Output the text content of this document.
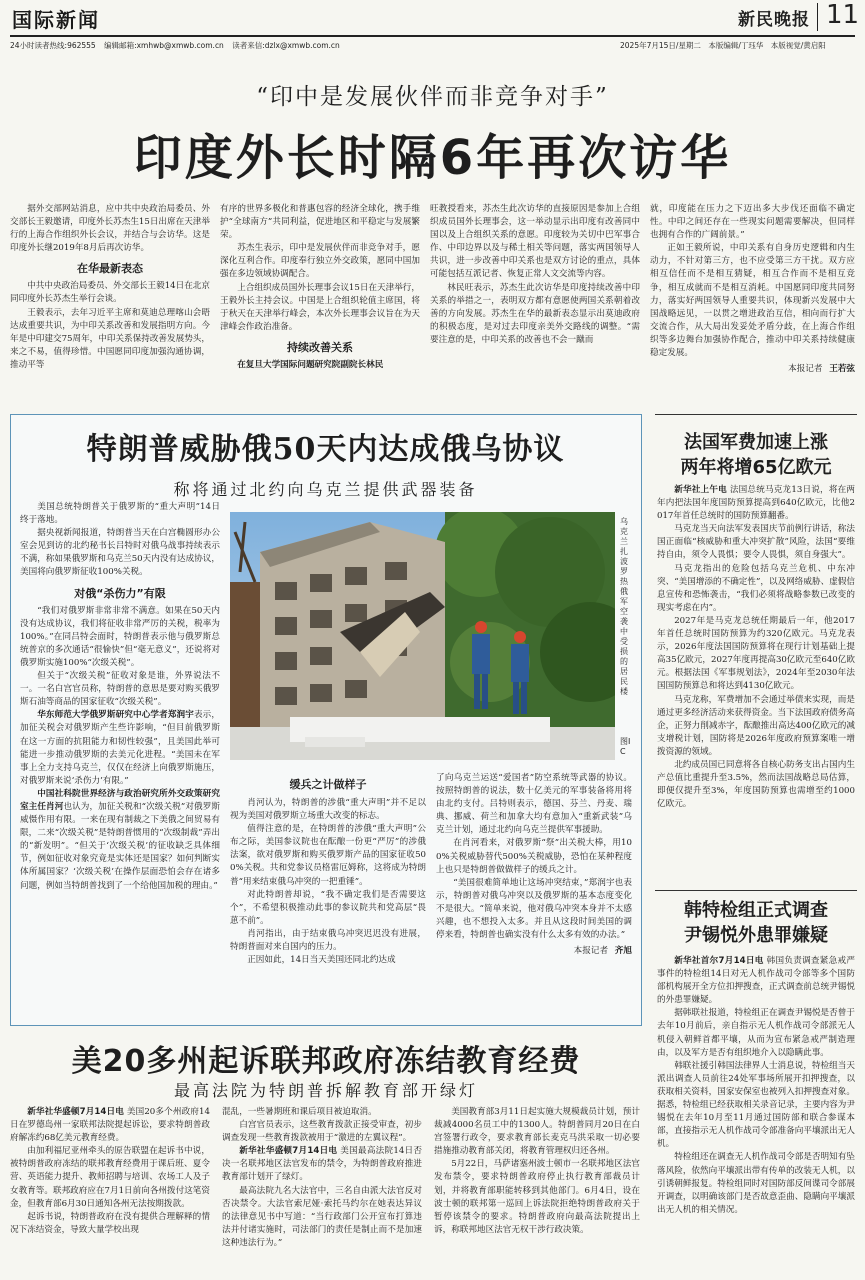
国际新闻	新民晚报 11
24小时读者热线:962555 编辑邮箱:xmhwb@xmwb.com.cn 读者来信:dzlx@xmwb.com.cn	2025年7月15日/星期二 本版编辑/丁珏华 本版视觉/黄启阳
“印中是发展伙伴而非竞争对手”
印度外长时隔6年再次访华

据外交部网站消息，应中共中央政治局委员、外交部长王毅邀请，印度外长苏杰生15日出席在天津举行的上海合作组织外长会议，并结合与会访华。这是印度外长继2019年8月后再次访华。

在华最新表态

中共中央政治局委员、外交部长王毅14日在北京同印度外长苏杰生举行会谈。

王毅表示，去年习近平主席和莫迪总理喀山会晤达成重要共识，为中印关系改善和发展指明方向。今年是中印建交75周年，中印关系保持改善发展势头，来之不易，值得珍惜。中国愿同印度加强沟通协调，推动平等

有序的世界多极化和普惠包容的经济全球化，携手维护“全球南方”共同利益，促进地区和平稳定与发展繁荣。

苏杰生表示，印中是发展伙伴而非竞争对手，愿深化互利合作。印度奉行独立外交政策，愿同中国加强在多边领域协调配合。

上合组织成员国外长理事会议15日在天津举行，王毅外长主持会议。中国是上合组织轮值主席国，将于秋天在天津举行峰会，本次外长理事会议旨在为天津峰会作政治准备。

持续改善关系

在复旦大学国际问题研究院副院长林民

旺教授看来，苏杰生此次访华的直接原因是参加上合组织成员国外长理事会，这一举动显示出印度有改善同中国以及上合组织关系的意愿。印度较为关切中巴军事合作、中印边界以及与稀土相关等问题，落实两国领导人共识，进一步改善中印关系也是双方讨论的重点，具体可能包括互派记者、恢复正常人文交流等内容。

林民旺表示，苏杰生此次访华是印度持续改善中印关系的举措之一，表明双方都有意愿使两国关系朝着改善的方向发展。苏杰生在华的最新表态显示出莫迪政府的积极态度，是对过去印度亲美外交路线的调整。“需要注意的是，中印关系的改善也不会一蹴而

就，印度能在压力之下迈出多大步伐还面临不确定性。中印之间还存在一些现实问题需要解决，但同样也拥有合作的广阔前景。”

正如王毅所说，中印关系有自身历史逻辑和内生动力，不针对第三方，也不应受第三方干扰。双方应相互信任而不是相互猜疑，相互合作而不是相互竞争，相互成就而不是相互消耗。中国愿同印度共同努力，落实好两国领导人重要共识，体现新兴发展中大国战略远见，一以贯之增进政治互信，相向而行扩大交流合作，从大局出发妥处矛盾分歧，在上海合作组织等多边舞台加强协作配合，推动中印关系持续健康稳定发展。

本报记者 王若弦
特朗普威胁俄50天内达成俄乌协议
称将通过北约向乌克兰提供武器装备

美国总统特朗普关于俄罗斯的“重大声明”14日终于落地。

据央视新闻报道，特朗普当天在白宫椭圆形办公室会见到访的北约秘书长吕特时对俄乌战事持续表示不满，称如果俄罗斯和乌克兰50天内没有达成协议，美国将向俄罗斯征收100%关税。

对俄“杀伤力”有限

“我们对俄罗斯非常非常不满意。如果在50天内没有达成协议，我们将征收非常严厉的关税，税率为100%。”在同吕特会面时，特朗普表示他与俄罗斯总统普京的多次通话“很愉快”但“毫无意义”，还说将对俄罗斯实施100%“次级关税”。

但关于“次级关税”征收对象是谁，外界说法不一。一名白宫官员称，特朗普的意思是要对购买俄罗斯石油等商品的国家征收“次级关税”。

华东师范大学俄罗斯研究中心学者郑润宇表示，加征关税会对俄罗斯产生些许影响，“但目前俄罗斯在这一方面的抗阻能力和韧性较强”，且美国此举可能进一步推动俄罗斯的去美元化进程。“美国未在军事上全力支持乌克兰，仅仅在经济上向俄罗斯施压，对俄罗斯来说‘杀伤力’有限。”

中国社科院世界经济与政治研究所外交政策研究室主任肖河也认为，加征关税和“次级关税”对俄罗斯威慑作用有限。一来在现有制裁之下美俄之间贸易有限，二来“次级关税”是特朗普惯用的“次级制裁”弄出的“新发明”。“但关于‘次级关税’的征收缺乏具体细节，例如征收对象究竟是实体还是国家？如何判断实体所属国家？‘次级关税’在操作层面恐怕会存在诸多问题，例如当特朗普找到了一个给他国加税的理由。”

乌克兰 扎波罗热 俄军空袭中受损的居民楼
图IC
缓兵之计做样子

肖河认为，特朗普的涉俄“重大声明”并不足以视为美国对俄罗斯立场重大改变的标志。

值得注意的是，在特朗普的涉俄“重大声明”公布之际，美国参议院也在酝酿一份更“严厉”的涉俄法案，欲对俄罗斯和购买俄罗斯产品的国家征收500%关税。共和党参议员格雷厄姆称，这将成为特朗普“用来结束俄乌冲突的一把重锤”。

对此特朗普却说，“我不确定我们是否需要这个”，不希望积极推动此事的参议院共和党高层“畏葸不前”。

肖河指出，由于结束俄乌冲突迟迟没有进展，特朗普面对来自国内的压力。

正因如此，14日当天美国还同北约达成

了向乌克兰运送“爱国者”防空系统等武器的协议。按照特朗普的说法，数十亿美元的军事装备将用将由北约支付。吕特则表示，德国、芬兰、丹麦、瑞典、挪威、荷兰和加拿大均有意加入“重新武装”乌克兰计划，通过北约向乌克兰提供军事援助。

在肖河看来，对俄罗斯“祭”出关税大棒，用100%关税威胁替代500%关税威胁，恐怕在某种程度上也只是特朗普做做样子的缓兵之计。

“美国很难简单地让这场冲突结束，”郑润宇也表示，特朗普对俄乌冲突以及俄罗斯的基本态度变化不是很大。“简单来说，他对俄乌冲突本身并不太感兴趣，也不想投入太多。并且从这段时间美国的调停来看，特朗普也确实没有什么太多有效的办法。”

本报记者 齐旭
法国军费加速上涨
两年将增65亿欧元

新华社上午电 法国总统马克龙13日说，将在两年内把法国年度国防预算提高到640亿欧元，比他2017年首任总统时的国防预算翻番。

马克龙当天向法军发表国庆节前例行讲话，称法国正面临“核威胁和重大冲突扩散”风险，法国“要维持自由，须令人畏惧；要令人畏惧，须自身强大”。

马克龙指出的危险包括乌克兰危机、中东冲突、“美国增添的不确定性”，以及网络威胁、虚假信息宣传和恐怖袭击，“我们必须将战略参数已改变的现实考虑在内”。

2027年是马克龙总统任期最后一年，他2017年首任总统时国防预算为约320亿欧元。马克龙表示，2026年度法国国防预算将在现行计划基础上提高35亿欧元，2027年度再提高30亿欧元至640亿欧元。根据法国《军事规划法》，2024年至2030年法国国防预算总和将达到4130亿欧元。

马克龙称，军费增加不会通过举债来实现，而是通过更多经济活动来获得资金。当下法国政府债务高企，正努力削减赤字，酝酿推出高达400亿欧元的减支增税计划，国防将是2026年度政府预算案唯一增拨资源的领域。

北约成员国已同意将各自核心防务支出占国内生产总值比重提升至3.5%，然而法国战略总局估算，即便仅提升至3%，年度国防预算也需增至约1000亿欧元。

韩特检组正式调查
尹锡悦外患罪嫌疑

新华社首尔7月14日电 韩国负责调查紧急戒严事件的特检组14日对无人机作战司令部等多个国防部机构展开全方位扣押搜查，正式调查前总统尹锡悦的外患罪嫌疑。

据韩联社报道，特检组正在调查尹锡悦是否曾于去年10月前后，亲自指示无人机作战司令部派无人机侵入朝鲜首都平壤，从而为宣布紧急戒严制造理由，以及军方是否有组织地介入以隐瞒此事。

韩联社援引韩国法律界人士消息说，特检组当天派出调查人员前往24处军事场所展开扣押搜查，以获取相关资料，国家安保室也被列入扣押搜查对象。据悉，特检组已经获取相关录音记录，主要内容为尹锡悦在去年10月至11月通过国防部和联合参谋本部，直接指示无人机作战司令部准备向平壤派出无人机。

特检组还在调查无人机作战司令部是否明知有坠落风险，依然向平壤派出带有传单的改装无人机，以引诱朝鲜报复。特检组同时对国防部反间谍司令部展开调查，以明确该部门是否故意歪曲、隐瞒向平壤派出无人机的相关情况。

美20多州起诉联邦政府冻结教育经费
最高法院为特朗普拆解教育部开绿灯

新华社华盛顿7月14日电 美国20多个州政府14日在罗德岛州一家联邦法院提起诉讼，要求特朗普政府解冻约68亿美元教育经费。

由加利福尼亚州牵头的原告联盟在起诉书中说，被特朗普政府冻结的联邦教育经费用于课后班、夏令营、英语能力提升、教师招聘与培训、农场工人及子女教育等。联邦政府应在7月1日前向各州拨付这笔资金，但教育部6月30日通知各州无法按期拨款。

起诉书说，特朗普政府在没有提供合理解释的情况下冻结资金，导致大量学校出现

混乱，一些暑期班和课后项目被迫取消。

白宫官员表示，这些教育拨款正接受审查，初步调查发现一些教育拨款被用于“激进的左翼议程”。

新华社华盛顿7月14日电 美国最高法院14日否决一名联邦地区法官发布的禁令，为特朗普政府推进教育部计划开了绿灯。

最高法院九名大法官中，三名自由派大法官反对否决禁令。大法官索尼娅·索托马约尔在她表达异议的法律意见书中写道：“当行政部门公开宣布打算违法并付诸实施时，司法部门的责任是制止而不是加速这种违法行为。”

美国教育部3月11日起实施大规模裁员计划，预计裁减4000名员工中的1300人。特朗普同月20日在白宫签署行政令，要求教育部长麦克马洪采取一切必要措施推动教育部关闭，将教育管理权归还各州。

5月22日，马萨诸塞州波士顿市一名联邦地区法官发布禁令，要求特朗普政府停止执行教育部裁员计划，并将教育部职能转移到其他部门。6月4日，设在波士顿的联邦第一巡回上诉法院拒绝特朗普政府关于暂停该禁令的要求。特朗普政府向最高法院提出上诉，称联邦地区法官无权干涉行政决策。
